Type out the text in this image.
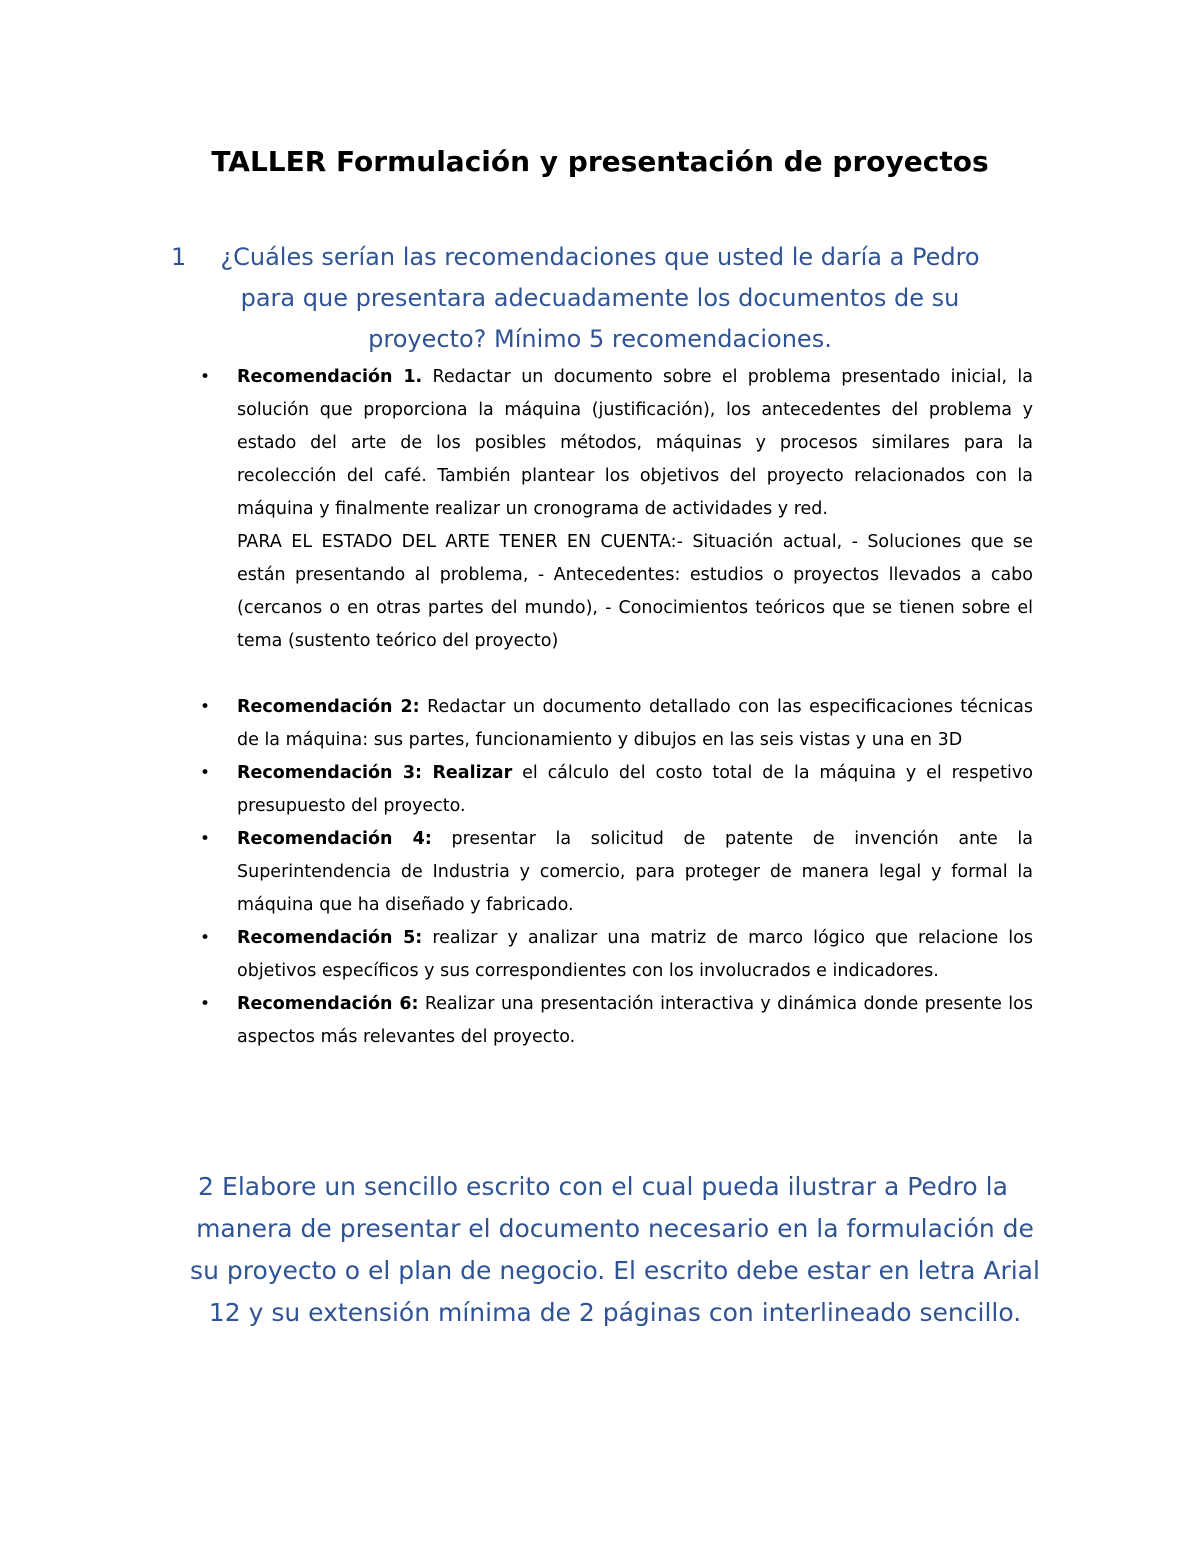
TALLER Formulación y presentación de proyectos
1 ¿Cuáles serían las recomendaciones que usted le daría a Pedro para que presentara adecuadamente los documentos de su proyecto? Mínimo 5 recomendaciones.
• Recomendación 1. Redactar un documento sobre el problema presentado inicial, la solución que proporciona la máquina (justificación), los antecedentes del problema y estado del arte de los posibles métodos, máquinas y procesos similares para la recolección del café. También plantear los objetivos del proyecto relacionados con la máquina y finalmente realizar un cronograma de actividades y red.
PARA EL ESTADO DEL ARTE TENER EN CUENTA:- Situación actual, - Soluciones que se están presentando al problema, - Antecedentes: estudios o proyectos llevados a cabo (cercanos o en otras partes del mundo), - Conocimientos teóricos que se tienen sobre el tema (sustento teórico del proyecto)
• Recomendación 2: Redactar un documento detallado con las especificaciones técnicas de la máquina: sus partes, funcionamiento y dibujos en las seis vistas y una en 3D
• Recomendación 3: Realizar el cálculo del costo total de la máquina y el respetivo presupuesto del proyecto.
• Recomendación 4: presentar la solicitud de patente de invención ante la Superintendencia de Industria y comercio, para proteger de manera legal y formal la máquina que ha diseñado y fabricado.
• Recomendación 5: realizar y analizar una matriz de marco lógico que relacione los objetivos específicos y sus correspondientes con los involucrados e indicadores.
• Recomendación 6: Realizar una presentación interactiva y dinámica donde presente los aspectos más relevantes del proyecto.
2 Elabore un sencillo escrito con el cual pueda ilustrar a Pedro la manera de presentar el documento necesario en la formulación de su proyecto o el plan de negocio. El escrito debe estar en letra Arial 12 y su extensión mínima de 2 páginas con interlineado sencillo.
